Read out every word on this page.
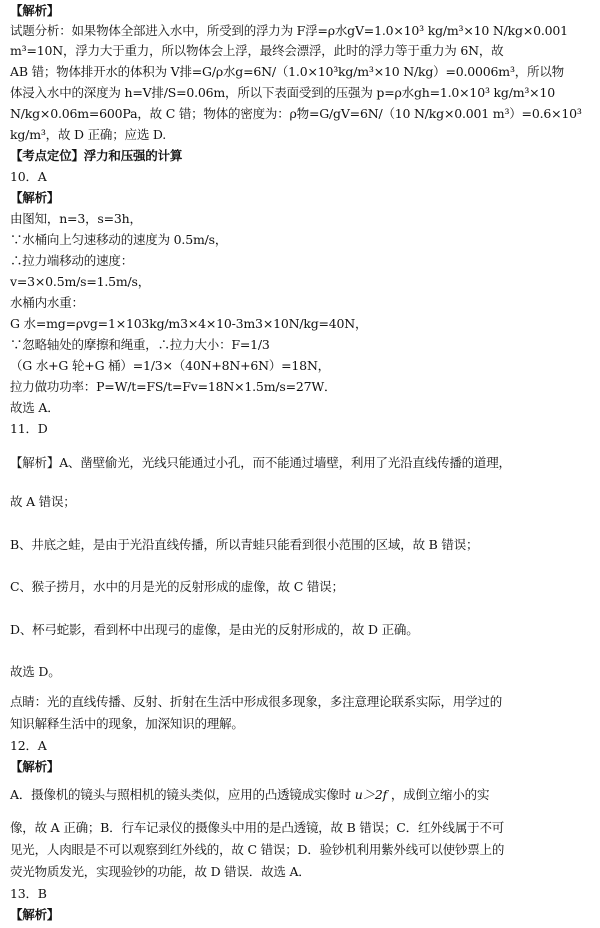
【解析】
试题分析：如果物体全部进入水中，所受到的浮力为 F浮=ρ水gV=1.0×10³ kg/m³×10 N/kg×0.001
m³=10N，浮力大于重力，所以物体会上浮，最终会漂浮，此时的浮力等于重力为 6N，故
AB 错；物体排开水的体积为 V排=G/ρ水g=6N/（1.0×10³kg/m³×10 N/kg）=0.0006m³，所以物
体浸入水中的深度为 h=V排/S=0.06m，所以下表面受到的压强为 p=ρ水gh=1.0×10³ kg/m³×10
N/kg×0.06m=600Pa，故 C 错；物体的密度为：ρ物=G/gV=6N/（10 N/kg×0.001 m³）=0.6×10³
kg/m³，故 D 正确；应选 D.
【考点定位】浮力和压强的计算
10．A
【解析】
由图知，n=3，s=3h，
∵水桶向上匀速移动的速度为 0.5m/s，
∴拉力端移动的速度：
v=3×0.5m/s=1.5m/s，
水桶内水重：
G 水=mg=ρvg=1×103kg/m3×4×10-3m3×10N/kg=40N，
∵忽略轴处的摩擦和绳重，∴拉力大小：F=1/3
（G 水+G 轮+G 桶）=1/3×（40N+8N+6N）=18N，
拉力做功功率：P=W/t=FS/t=Fv=18N×1.5m/s=27W．
故选 A．
11．D
【解析】A、凿壁偷光，光线只能通过小孔，而不能通过墙壁，利用了光沿直线传播的道理，
故 A 错误；
B、井底之蛙，是由于光沿直线传播，所以青蛙只能看到很小范围的区域，故 B 错误；
C、猴子捞月，水中的月是光的反射形成的虚像，故 C 错误；
D、杯弓蛇影，看到杯中出现弓的虚像，是由光的反射形成的，故 D 正确。
故选 D。
点睛：光的直线传播、反射、折射在生活中形成很多现象，多注意理论联系实际，用学过的
知识解释生活中的现象，加深知识的理解。
12．A
【解析】
A．摄像机的镜头与照相机的镜头类似，应用的凸透镜成实像时 u＞2f ，成倒立缩小的实
像，故 A 正确；B．行车记录仪的摄像头中用的是凸透镜，故 B 错误；C．红外线属于不可
见光，人肉眼是不可以观察到红外线的，故 C 错误；D．验钞机利用紫外线可以使钞票上的
荧光物质发光，实现验钞的功能，故 D 错误．故选 A．
13．B
【解析】
